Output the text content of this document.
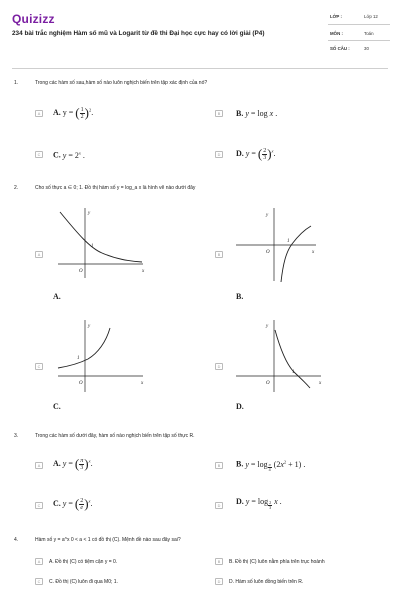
Quizizz
234 bài trắc nghiệm Hàm số mũ và Logarit từ đề thi Đại học cực hay có lời giải (P4)
LỚP :	Lớp 12
MÔN :	Toán
SỐ CÂU :	30
1.	Trong các hàm số sau,hàm số nào luôn nghịch biến trên tập xác định của nó?
A	A. y = ( $\frac{1}{2} )^2$.	B	B. y = log x .
C	C. $y = 2^x$ .	D	D. y = ( $\frac{2}{3} )^x$.
2.	Cho số thực a ∈ 0; 1. Đồ thị hàm số y = log_a x là hình vẽ nào dưới đây
A
y
x
O
1
A.
B
y
x
O
1
B.
C
y
x
O
1
C.
D
y
x
O
1
D.
3.	Trong các hàm số dưới đây, hàm số nào nghịch biến trên tập số thực R.
A	A. y = ( $\frac{\pi}{3} )^x$.	B	B. y = log $_{\frac{\pi}{4}}$ $(2x^2 + 1)$ .
C	C. y = ( $\frac{2}{e} )^x$.	D	D. y = log $_{\frac{2}{3}}$ x .
4.	Hàm số y = a^x 0 < a < 1 có đồ thị (C). Mệnh đề nào sau đây sai?
A	A. Đồ thị (C) có tiệm cận y = 0.	B	B. Đồ thị (C) luôn nằm phía trên trục hoành
C	C. Đồ thị (C) luôn đi qua M0; 1.	D	D. Hàm số luôn đồng biến trên R.
